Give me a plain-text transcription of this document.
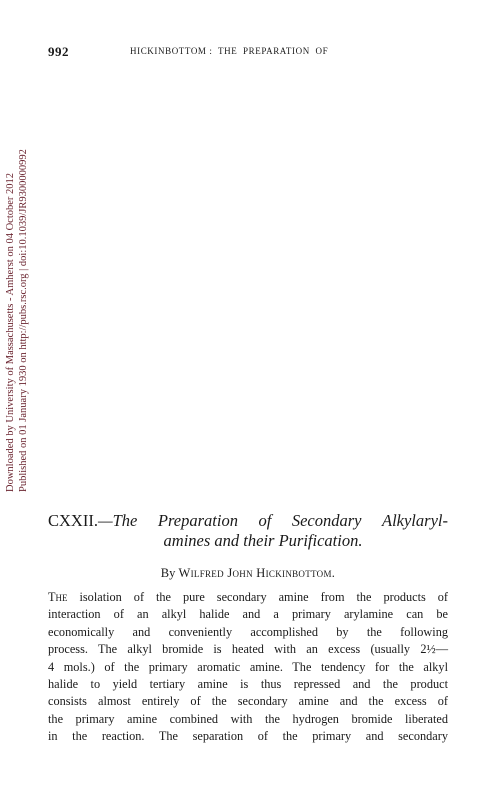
992	HICKINBOTTOM :  THE  PREPARATION  OF
Downloaded by University of Massachusetts - Amherst on 04 October 2012 Published on 01 January 1930 on http://pubs.rsc.org | doi:10.1039/JR9300000992
CXXII.—The Preparation of Secondary Alkylaryl-
amines and their Purification.
By Wilfred John Hickinbottom.
The isolation of the pure secondary amine from the products of
interaction of an alkyl halide and a primary arylamine can be
economically and conveniently accomplished by the following
process. The alkyl bromide is heated with an excess (usually 2½—
4 mols.) of the primary aromatic amine. The tendency for the alkyl
halide to yield tertiary amine is thus repressed and the product
consists almost entirely of the secondary amine and the excess of
the primary amine combined with the hydrogen bromide liberated
in the reaction. The separation of the primary and secondary
